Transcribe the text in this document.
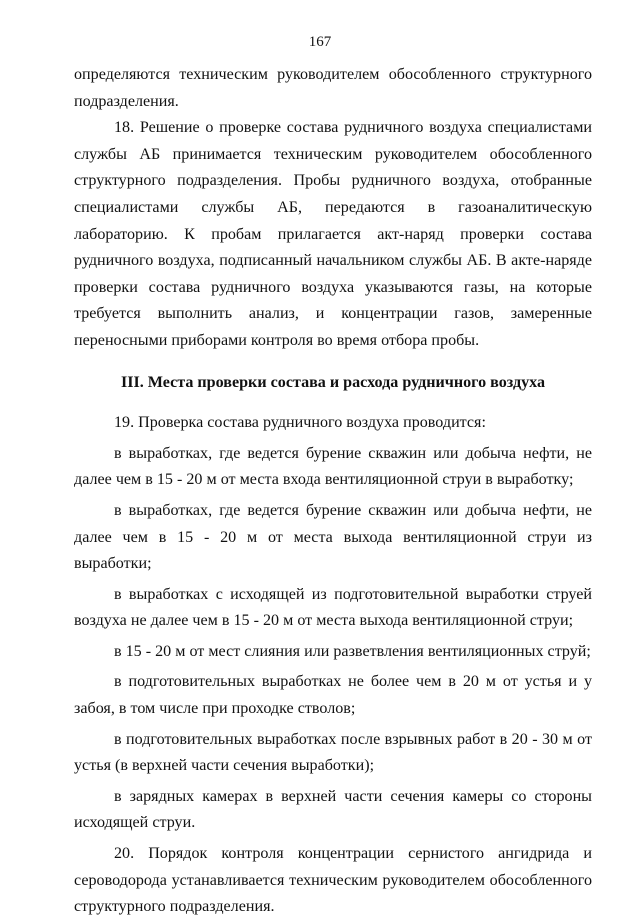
167

определяются техническим руководителем обособленного структурного подразделения.

18. Решение о проверке состава рудничного воздуха специалистами службы АБ принимается техническим руководителем обособленного структурного подразделения. Пробы рудничного воздуха, отобранные специалистами службы АБ, передаются в газоаналитическую лабораторию. К пробам прилагается акт-наряд проверки состава рудничного воздуха, подписанный начальником службы АБ. В акте-наряде проверки состава рудничного воздуха указываются газы, на которые требуется выполнить анализ, и концентрации газов, замеренные переносными приборами контроля во время отбора пробы.

III. Места проверки состава и расхода рудничного воздуха

19. Проверка состава рудничного воздуха проводится:

в выработках, где ведется бурение скважин или добыча нефти, не далее чем в 15 - 20 м от места входа вентиляционной струи в выработку;

в выработках, где ведется бурение скважин или добыча нефти, не далее чем в 15 - 20 м от места выхода вентиляционной струи из выработки;

в выработках с исходящей из подготовительной выработки струей воздуха не далее чем в 15 - 20 м от места выхода вентиляционной струи;

в 15 - 20 м от мест слияния или разветвления вентиляционных струй;

в подготовительных выработках не более чем в 20 м от устья и у забоя, в том числе при проходке стволов;

в подготовительных выработках после взрывных работ в 20 - 30 м от устья (в верхней части сечения выработки);

в зарядных камерах в верхней части сечения камеры со стороны исходящей струи.

20. Порядок контроля концентрации сернистого ангидрида и сероводорода устанавливается техническим руководителем обособленного структурного подразделения.
